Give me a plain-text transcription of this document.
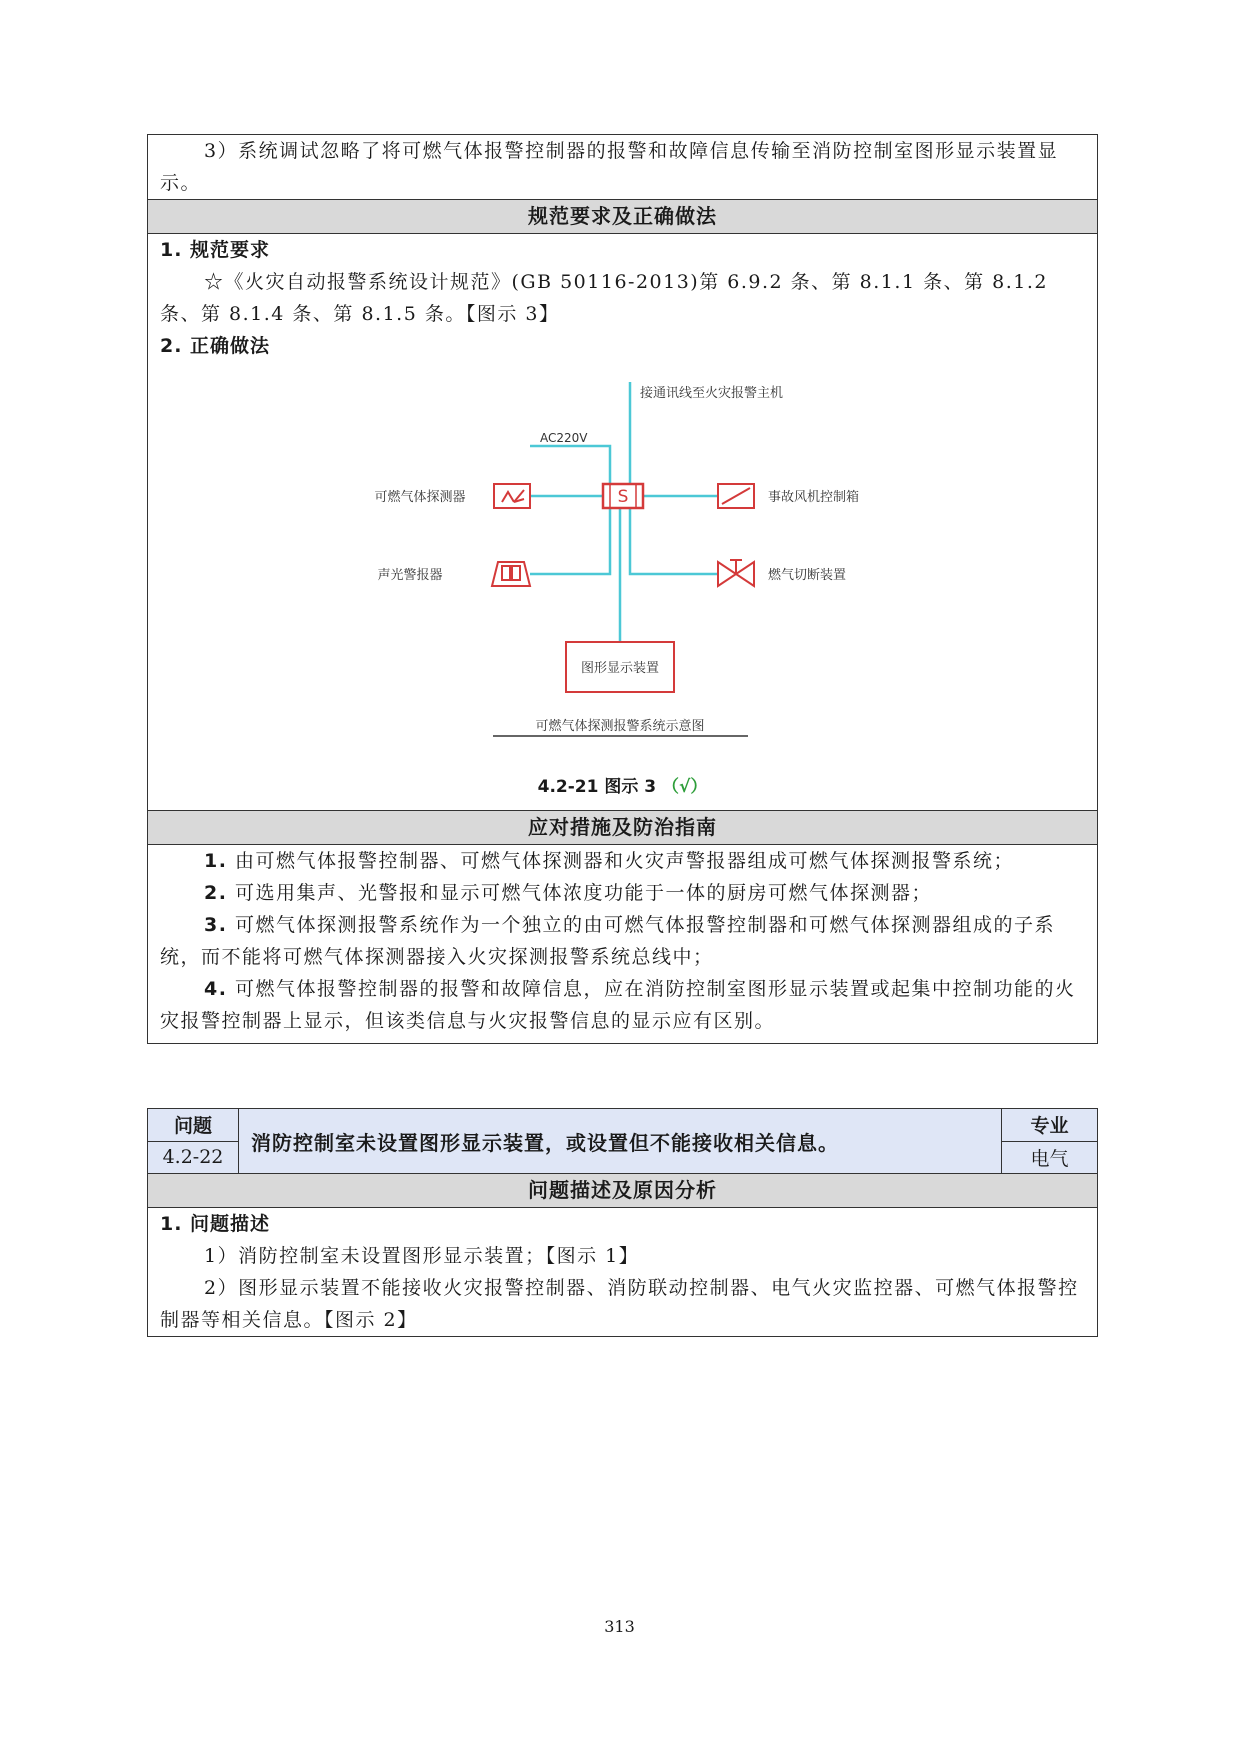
3）系统调试忽略了将可燃气体报警控制器的报警和故障信息传输至消防控制室图形显示装置显示。
规范要求及正确做法
1. 规范要求
☆《火灾自动报警系统设计规范》(GB 50116-2013)第 6.9.2 条、第 8.1.1 条、第 8.1.2 条、第 8.1.4 条、第 8.1.5 条。【图示 3】
2. 正确做法
S
可燃气体探测器	事故风机控制箱
声光警报器	燃气切断装置
接通讯线至火灾报警主机
AC220V
图形显示装置
可燃气体探测报警系统示意图
4.2-21 图示 3 （√）
应对措施及防治指南
1. 由可燃气体报警控制器、可燃气体探测器和火灾声警报器组成可燃气体探测报警系统；
2. 可选用集声、光警报和显示可燃气体浓度功能于一体的厨房可燃气体探测器；
3. 可燃气体探测报警系统作为一个独立的由可燃气体报警控制器和可燃气体探测器组成的子系统，而不能将可燃气体探测器接入火灾探测报警系统总线中；
4. 可燃气体报警控制器的报警和故障信息，应在消防控制室图形显示装置或起集中控制功能的火灾报警控制器上显示，但该类信息与火灾报警信息的显示应有区别。
问题
4.2-22
消防控制室未设置图形显示装置，或设置但不能接收相关信息。
专业
电气
问题描述及原因分析
1. 问题描述
1）消防控制室未设置图形显示装置；【图示 1】
2）图形显示装置不能接收火灾报警控制器、消防联动控制器、电气火灾监控器、可燃气体报警控制器等相关信息。【图示 2】
313
